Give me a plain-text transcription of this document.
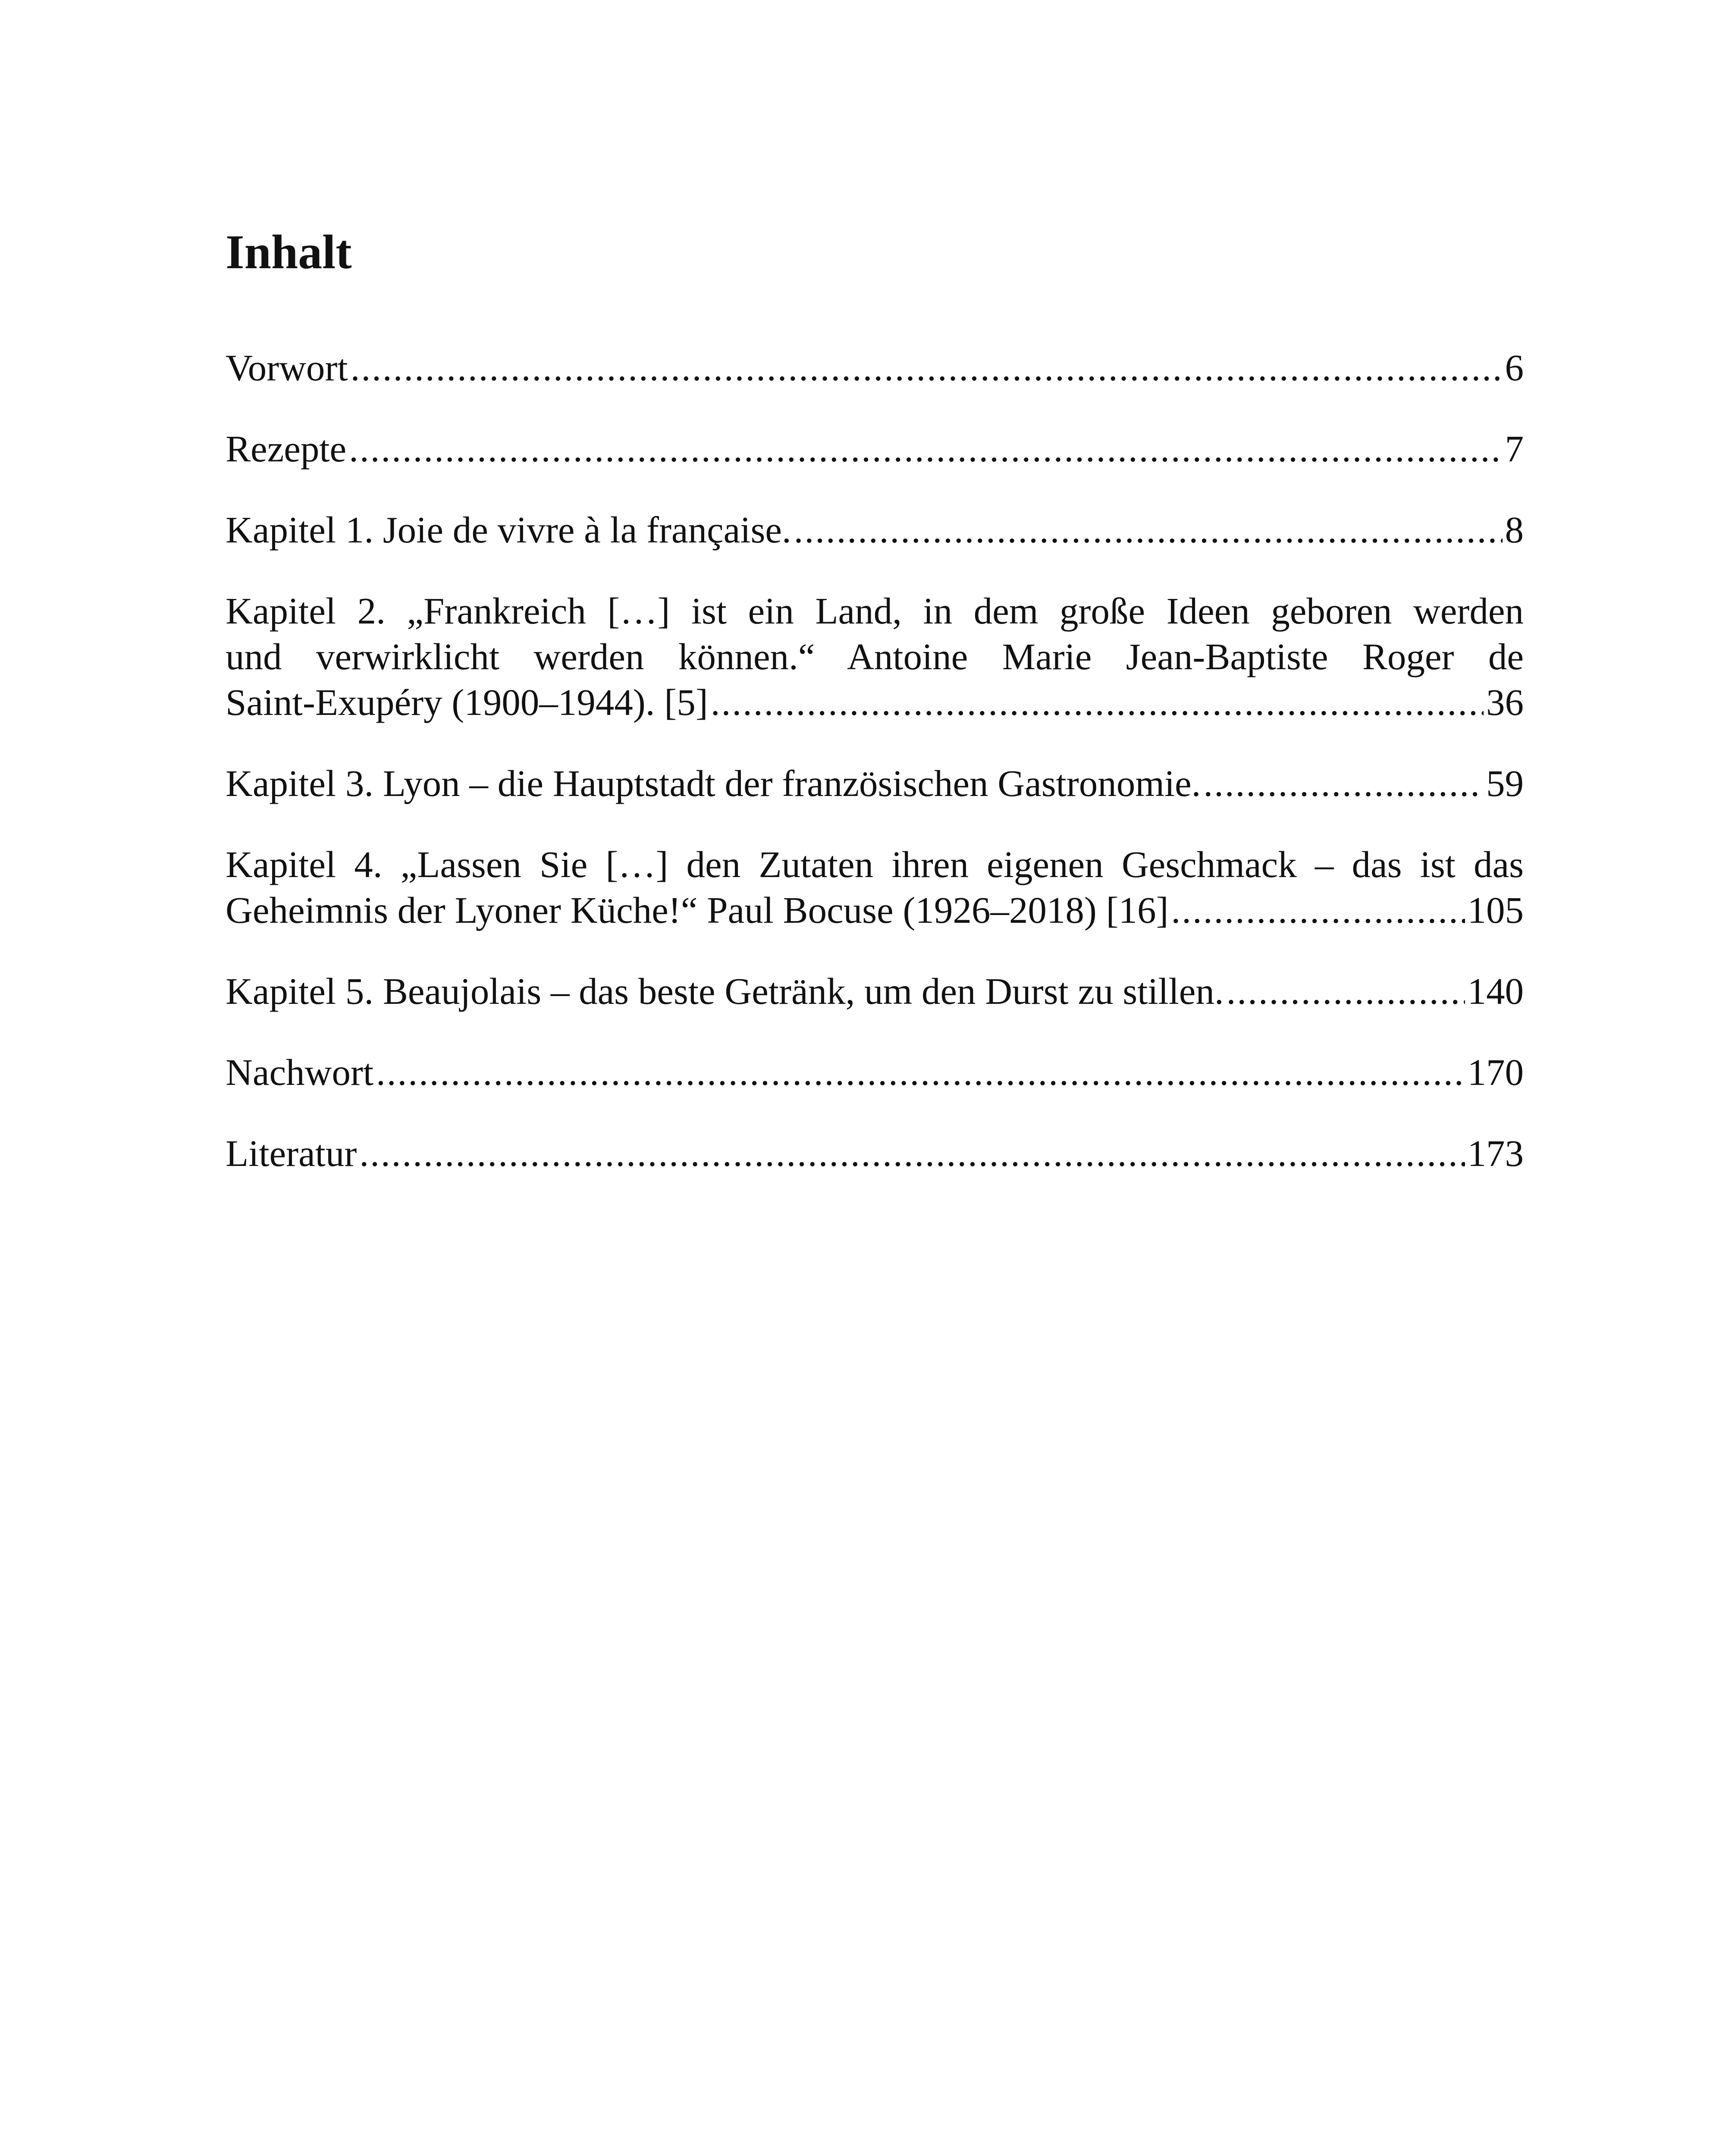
Inhalt
Vorwort .....	6
Rezepte .....	7
Kapitel 1. Joie de vivre à la française. .....	8
Kapitel 2. „Frankreich […] ist ein Land, in dem große Ideen geboren werden
und verwirklicht werden können.“ Antoine Marie Jean-Baptiste Roger de
Saint-Exupéry (1900–1944). [5] .....	36
Kapitel 3. Lyon – die Hauptstadt der französischen Gastronomie. .....	59
Kapitel 4. „Lassen Sie […] den Zutaten ihren eigenen Geschmack – das ist das
Geheimnis der Lyoner Küche!“ Paul Bocuse (1926–2018) [16] .....	105
Kapitel 5. Beaujolais – das beste Getränk, um den Durst zu stillen. .....	140
Nachwort .....	170
Literatur .....	173
